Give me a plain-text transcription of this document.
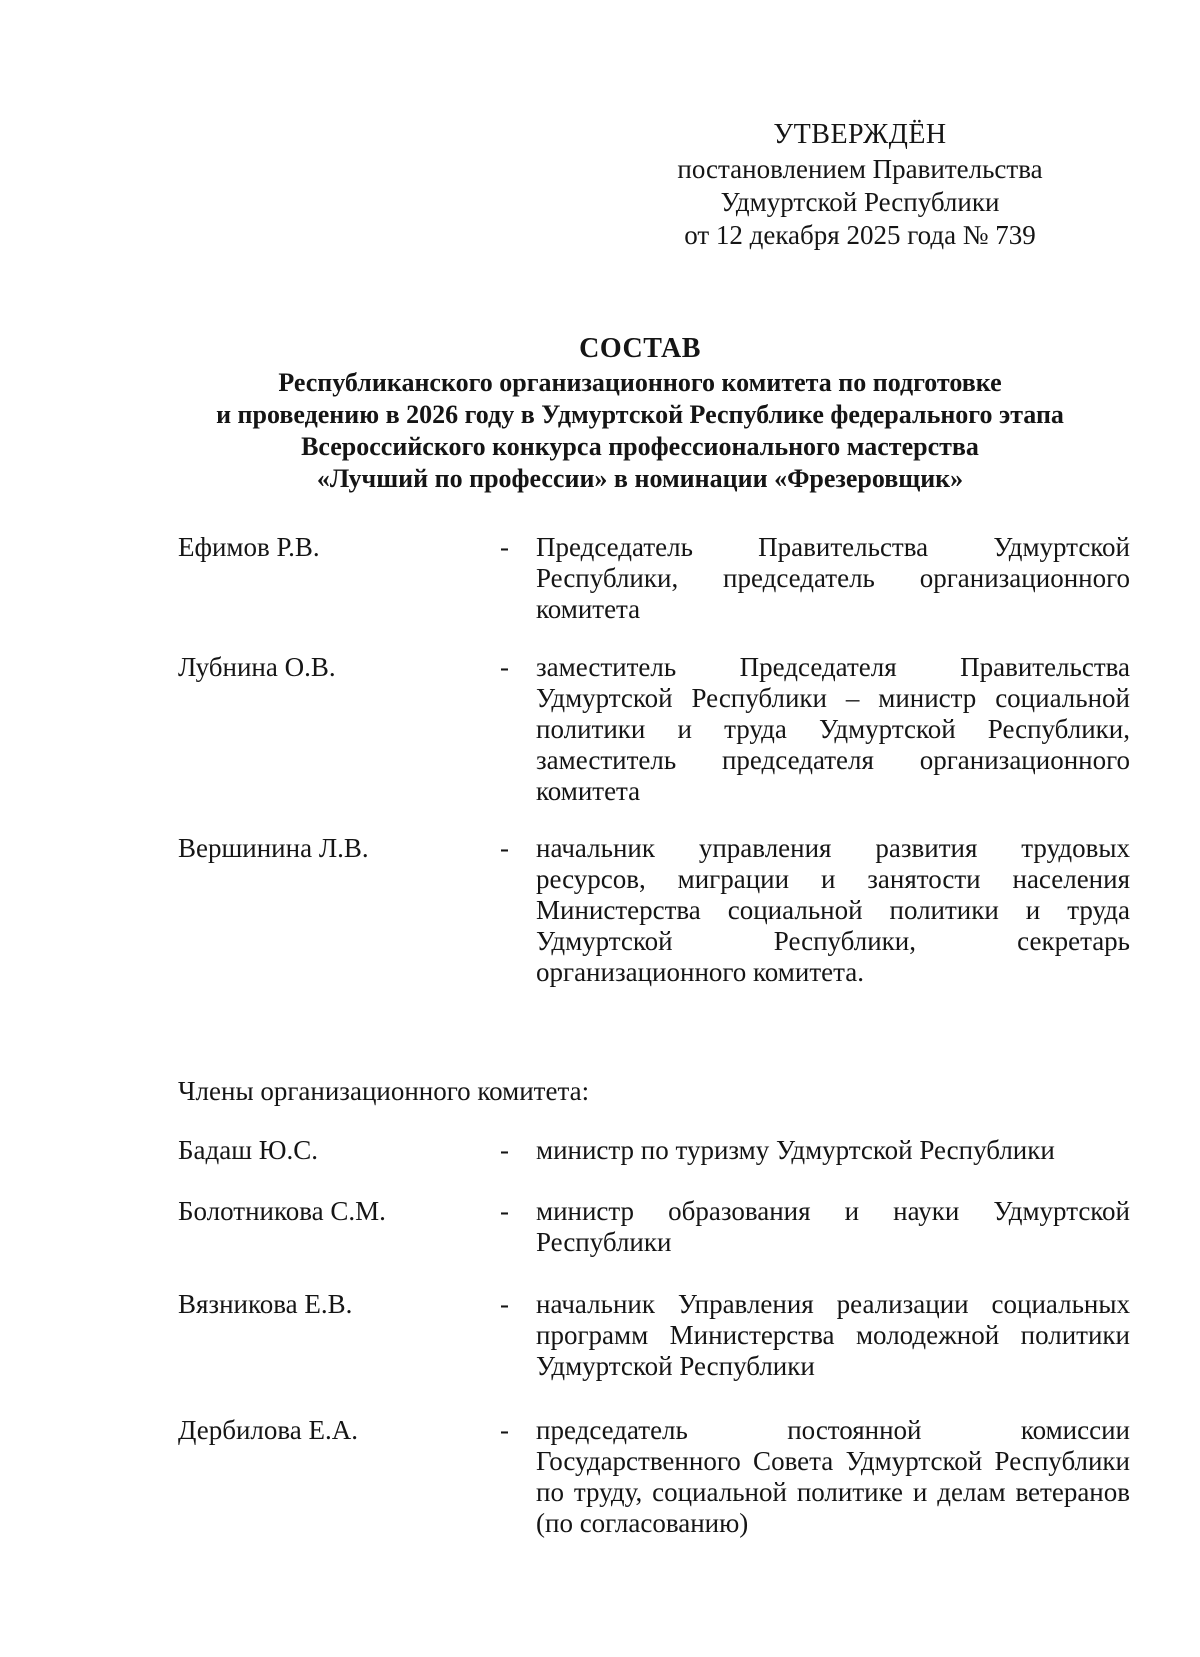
УТВЕРЖДЁН
постановлением Правительства
Удмуртской Республики
от 12 декабря 2025 года № 739
СОСТАВ
Республиканского организационного комитета по подготовке
и проведению в 2026 году в Удмуртской Республике федерального этапа
Всероссийского конкурса профессионального мастерства
«Лучший по профессии» в номинации «Фрезеровщик»
Ефимов Р.В.	- Председатель Правительства Удмуртской Республики, председатель организационного комитета
Лубнина О.В.	- заместитель Председателя Правительства Удмуртской Республики – министр социальной политики и труда Удмуртской Республики, заместитель председателя организационного комитета
Вершинина Л.В.	- начальник управления развития трудовых ресурсов, миграции и занятости населения Министерства социальной политики и труда Удмуртской Республики, секретарь организационного комитета.
Члены организационного комитета:
Бадаш Ю.С.	- министр по туризму Удмуртской Республики
Болотникова С.М.	- министр образования и науки Удмуртской Республики
Вязникова Е.В.	- начальник Управления реализации социальных программ Министерства молодежной политики Удмуртской Республики
Дербилова Е.А.	- председатель постоянной комиссии Государственного Совета Удмуртской Республики по труду, социальной политике и делам ветеранов (по согласованию)
